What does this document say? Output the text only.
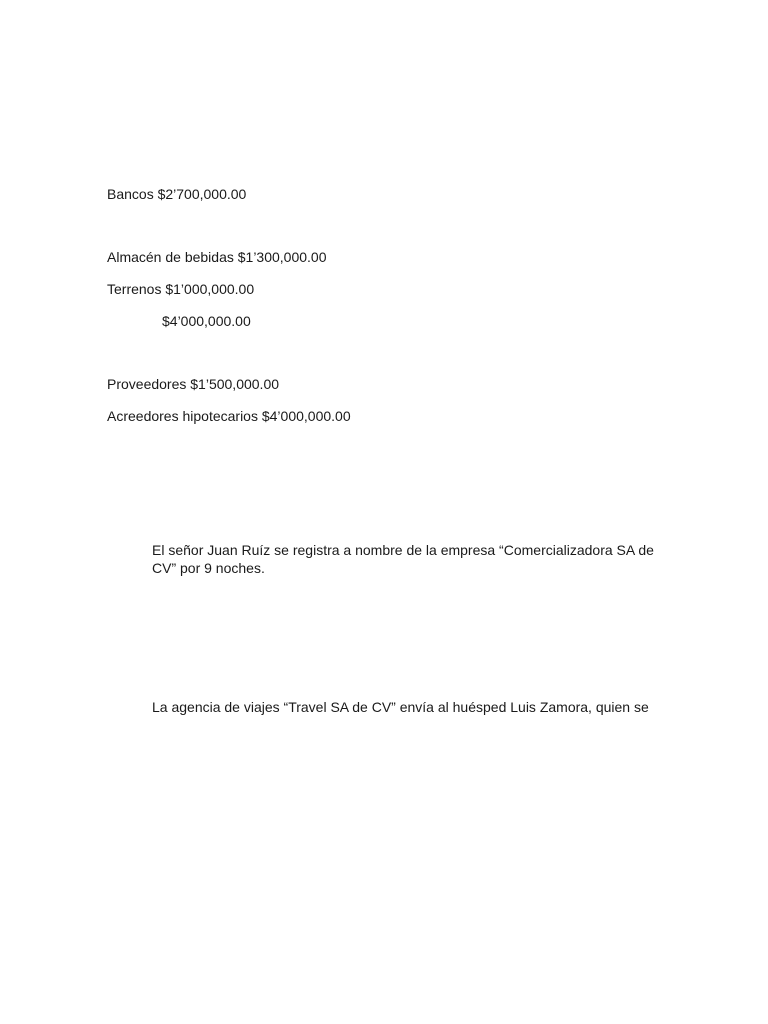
Bancos $2’700,000.00
Almacén de bebidas $1’300,000.00
Terrenos $1’000,000.00
$4’000,000.00
Proveedores $1’500,000.00
Acreedores hipotecarios $4’000,000.00
El señor Juan Ruíz se registra a nombre de la empresa “Comercializadora SA de CV” por 9 noches.
La agencia de viajes “Travel SA de CV” envía al huésped Luis Zamora, quien se
